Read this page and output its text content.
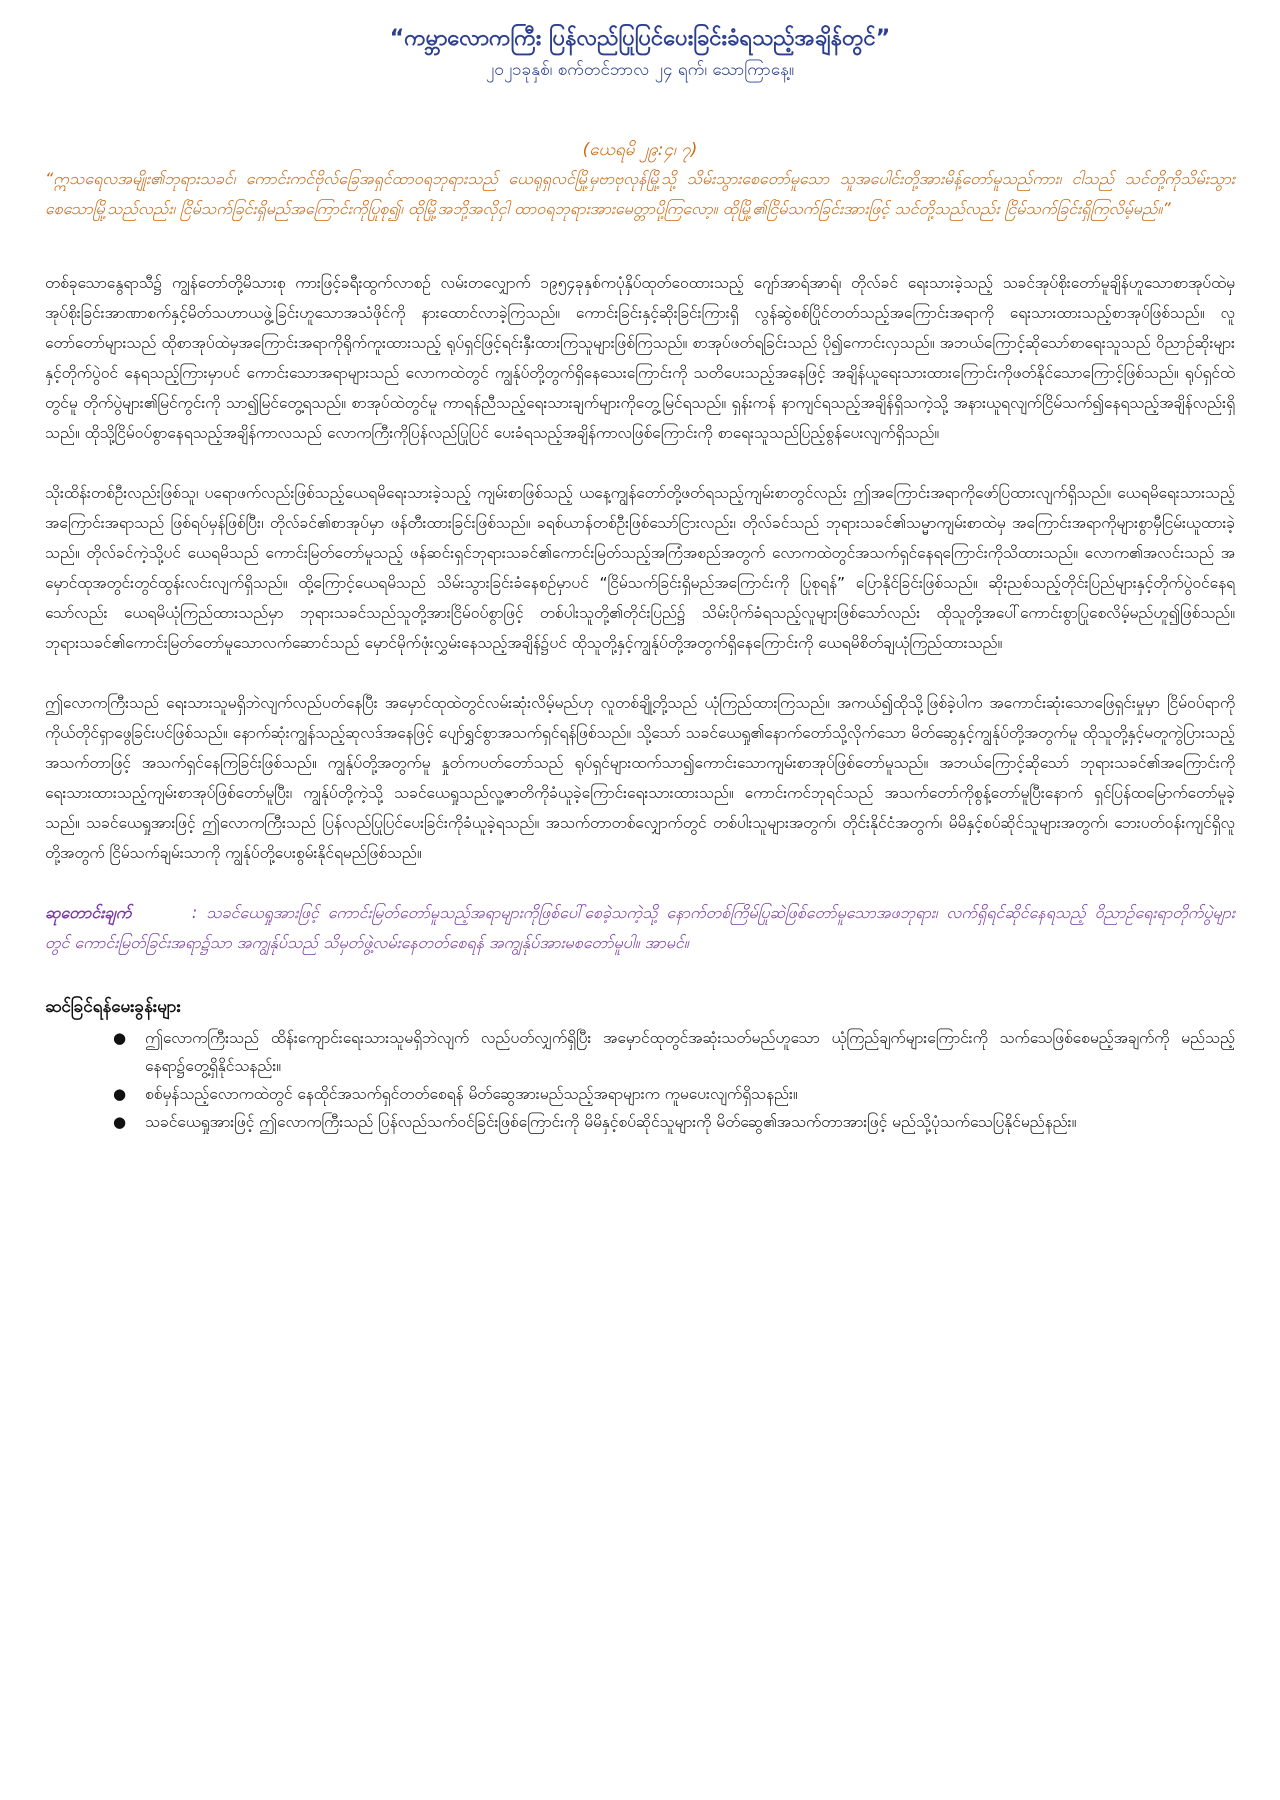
“ကမ္ဘာလောကကြီး ပြန်လည်ပြုပြင်ပေးခြင်းခံရသည့်အချိန်တွင်”

၂၀၂၁ခုနှစ်၊ စက်တင်ဘာလ ၂၄ ရက်၊ သောကြာနေ့။

(ယေရမိ ၂၉:၄၊ ၇)

“ဣသရေလအမျိုး၏ဘုရားသခင်၊ ကောင်းကင်ဗိုလ်ခြေအရှင်ထာဝရဘုရားသည် ယေရုရှလင်မြို့မှဗာဗုလုန်မြို့သို့ သိမ်းသွားစေတော်မူသော သူအပေါင်းတို့အားမိန့်တော်မူသည်ကား၊ ငါသည် သင်တို့ကိုသိမ်းသွားစေသောမြို့သည်လည်း၊ ငြိမ်သက်ခြင်းရှိမည်အကြောင်းကိုပြုစု၍၊ ထိုမြို့အဘို့အလိုငှါ ထာဝရဘုရားအားမေတ္တာပို့ကြလော့။ ထိုမြို့၏ငြိမ်သက်ခြင်းအားဖြင့် သင်တို့သည်လည်း ငြိမ်သက်ခြင်းရှိကြလိမ့်မည်။”

တစ်ခုသောနွေရာသီ၌ ကျွန်တော်တို့မိသားစု ကားဖြင့်ခရီးထွက်လာစဉ် လမ်းတလျှောက် ၁၉၅၄ခုနှစ်ကပုံနှိပ်ထုတ်ဝေထားသည့် ဂျော်အာရ်အာရ်၊ တိုလ်ခင် ရေးသားခဲ့သည့် သခင်အုပ်စိုးတော်မူချိန်ဟူသောစာအုပ်ထဲမှ အုပ်စိုးခြင်းအာဏာစက်နှင့်မိတ်သဟာယဖွဲ့ခြင်းဟူသောအသံဖိုင်ကို နားထောင်လာခဲ့ကြသည်။ ကောင်းခြင်းနှင့်ဆိုးခြင်းကြားရှိ လွန်ဆွဲစစ်ပြိုင်တတ်သည့်အကြောင်းအရာကို ရေးသားထားသည့်စာအုပ်ဖြစ်သည်။ လူတော်တော်များသည် ထိုစာအုပ်ထဲမှအကြောင်းအရာကိုရိုက်ကူးထားသည့် ရုပ်ရှင်ဖြင့်ရင်းနှီးထားကြသူများဖြစ်ကြသည်။ စာအုပ်ဖတ်ရခြင်းသည် ပို၍ကောင်းလှသည်။ အဘယ်ကြောင့်ဆိုသော်စာရေးသူသည် ဝိညာဉ်ဆိုးများနှင့်တိုက်ပွဲဝင် နေရသည့်ကြားမှာပင် ကောင်းသောအရာများသည် လောကထဲတွင် ကျွန်ုပ်တို့တွက်ရှိနေသေးကြောင်းကို သတိပေးသည့်အနေဖြင့် အချိန်ယူရေးသားထားကြောင်းကိုဖတ်နိုင်သောကြောင့်ဖြစ်သည်။ ရုပ်ရှင်ထဲတွင်မူ တိုက်ပွဲများ၏မြင်ကွင်းကို သာ၍မြင်တွေ့ရသည်။ စာအုပ်ထဲတွင်မူ ကာရန်ညီသည့်ရေးသားချက်များကိုတွေ့မြင်ရသည်။ ရှန်းကန် နာကျင်ရသည့်အချိန်ရှိသကဲ့သို့ အနားယူရလျက်ငြိမ်သက်၍နေရသည့်အချိန်လည်းရှိသည်။ ထိုသို့ငြိမ်ဝပ်စွာနေရသည့်အချိန်ကာလသည် လောကကြီးကိုပြန်လည်ပြုပြင် ပေးခံရသည့်အချိန်ကာလဖြစ်ကြောင်းကို စာရေးသူသည်ပြည့်စွန်ပေးလျက်ရှိသည်။

သိုးထိန်းတစ်ဦးလည်းဖြစ်သူ၊ ပရောဖက်လည်းဖြစ်သည့်ယေရမိရေးသားခဲ့သည့် ကျမ်းစာဖြစ်သည့် ယနေ့ကျွန်တော်တို့ဖတ်ရသည့်ကျမ်းစာတွင်လည်း ဤအကြောင်းအရာကိုဖော်ပြထားလျက်ရှိသည်။ ယေရမိရေးသားသည့်အကြောင်းအရာသည် ဖြစ်ရပ်မှန်ဖြစ်ပြီး၊ တိုလ်ခင်၏စာအုပ်မှာ ဖန်တီးထားခြင်းဖြစ်သည်။ ခရစ်ယာန်တစ်ဦးဖြစ်သော်ငြားလည်း၊ တိုလ်ခင်သည် ဘုရားသခင်၏သမ္မာကျမ်းစာထဲမှ အကြောင်းအရာကိုများစွာမှီငြမ်းယူထားခဲ့သည်။ တိုလ်ခင်ကဲ့သို့ပင် ယေရမိသည် ကောင်းမြတ်တော်မူသည့် ဖန်ဆင်းရှင်ဘုရားသခင်၏ကောင်းမြတ်သည့်အကြံအစည်အတွက် လောကထဲတွင်အသက်ရှင်နေရကြောင်းကိုသိထားသည်။ လောက၏အလင်းသည် အမှောင်ထုအတွင်းတွင်ထွန်းလင်းလျက်ရှိသည်။ ထို့ကြောင့်ယေရမိသည် သိမ်းသွားခြင်းခံနေစဉ်မှာပင် “ငြိမ်သက်ခြင်းရှိမည်အကြောင်းကို ပြုစုရန်” ပြောနိုင်ခြင်းဖြစ်သည်။ ဆိုးညစ်သည့်တိုင်းပြည်များနှင့်တိုက်ပွဲဝင်နေရသော်လည်း ယေရမိယုံကြည်ထားသည်မှာ ဘုရားသခင်သည်သူတို့အားငြိမ်ဝပ်စွာဖြင့် တစ်ပါးသူတို့၏တိုင်းပြည်၌ သိမ်းပိုက်ခံရသည့်လူများဖြစ်သော်လည်း ထိုသူတို့အပေါ်ကောင်းစွာပြုစေလိမ့်မည်ဟူ၍ဖြစ်သည်။ ဘုရားသခင်၏ကောင်းမြတ်တော်မူသောလက်ဆောင်သည် မှောင်မိုက်ဖုံးလွှမ်းနေသည့်အချိန်၌ပင် ထိုသူတို့နှင့်ကျွန်ုပ်တို့အတွက်ရှိနေကြောင်းကို ယေရမိစိတ်ချယုံကြည်ထားသည်။

ဤလောကကြီးသည် ရေးသားသူမရှိဘဲလျက်လည်ပတ်နေပြီး အမှောင်ထုထဲတွင်လမ်းဆုံးလိမ့်မည်ဟု လူတစ်ချို့တို့သည် ယုံကြည်ထားကြသည်။ အကယ်၍ထိုသို့ဖြစ်ခဲ့ပါက အကောင်းဆုံးသောဖြေရှင်းမှုမှာ ငြိမ်ဝပ်ရာကို ကိုယ်တိုင်ရှာဖွေခြင်းပင်ဖြစ်သည်။ နောက်ဆုံးကျွန်သည့်ဆုလဒ်အနေဖြင့် ပျော်ရွှင်စွာအသက်ရှင်ရန်ဖြစ်သည်။ သို့သော် သခင်ယေရှု၏နောက်တော်သို့လိုက်သော မိတ်ဆွေနှင့်ကျွန်ုပ်တို့အတွက်မူ ထိုသူတို့နှင့်မတူကွဲပြားသည့်အသက်တာဖြင့် အသက်ရှင်နေကြခြင်းဖြစ်သည်။ ကျွန်ုပ်တို့အတွက်မူ နှုတ်ကပတ်တော်သည် ရုပ်ရှင်များထက်သာ၍ကောင်းသောကျမ်းစာအုပ်ဖြစ်တော်မူသည်။ အဘယ်ကြောင့်ဆိုသော် ဘုရားသခင်၏အကြောင်းကိုရေးသားထားသည့်ကျမ်းစာအုပ်ဖြစ်တော်မူပြီး၊ ကျွန်ုပ်တို့ကဲ့သို့ သခင်ယေရှုသည်လူ့ဇာတိကိုခံယူခဲ့ကြောင်းရေးသားထားသည်။ ကောင်းကင်ဘုရင်သည် အသက်တော်ကိုစွန့်တော်မူပြီးနောက် ရှင်ပြန်ထမြောက်တော်မူခဲ့သည်။ သခင်ယေရှုအားဖြင့် ဤလောကကြီးသည် ပြန်လည်ပြုပြင်ပေးခြင်းကိုခံယူခဲ့ရသည်။ အသက်တာတစ်လျှောက်တွင် တစ်ပါးသူများအတွက်၊ တိုင်းနိုင်ငံအတွက်၊ မိမိနှင့်စပ်ဆိုင်သူများအတွက်၊ ဘေးပတ်ဝန်းကျင်ရှိလူတို့အတွက် ငြိမ်သက်ချမ်းသာကို ကျွန်ုပ်တို့ပေးစွမ်းနိုင်ရမည်ဖြစ်သည်။

ဆုတောင်းချက်	: သခင်ယေရှုအားဖြင့် ကောင်းမြတ်တော်မူသည့်အရာများကိုဖြစ်ပေါ်စေခဲ့သကဲ့သို့ နောက်တစ်ကြိမ်ပြုဆဲဖြစ်တော်မူသောအဖဘုရား၊ လက်ရှိရင်ဆိုင်နေရသည့် ဝိညာဉ်ရေးရာတိုက်ပွဲများတွင် ကောင်းမြတ်ခြင်းအရာ၌သာ အကျွန်ုပ်သည် သိမှတ်ဖွဲ့လမ်းနေတတ်စေရန် အကျွန်ုပ်အားမစတော်မူပါ။ အာမင်။
ဆင်ခြင်ရန်မေးခွန်းများ
● ဤလောကကြီးသည် ထိန်းကျောင်းရေးသားသူမရှိဘဲလျက် လည်ပတ်လျှက်ရှိပြီး အမှောင်ထုတွင်အဆုံးသတ်မည်ဟူသော ယုံကြည်ချက်များကြောင်းကို သက်သေဖြစ်စေမည့်အချက်ကို မည်သည့်နေရာ၌တွေ့ရှိနိုင်သနည်း။
● စစ်မှန်သည့်လောကထဲတွင် နေထိုင်အသက်ရှင်တတ်စေရန် မိတ်ဆွေအားမည်သည့်အရာများက ကူမပေးလျက်ရှိသနည်း။
● သခင်ယေရှုအားဖြင့် ဤလောကကြီးသည် ပြန်လည်သက်ဝင်ခြင်းဖြစ်ကြောင်းကို မိမိနှင့်စပ်ဆိုင်သူများကို မိတ်ဆွေ၏အသက်တာအားဖြင့် မည်သို့ပုံသက်သေပြနိုင်မည်နည်း။
